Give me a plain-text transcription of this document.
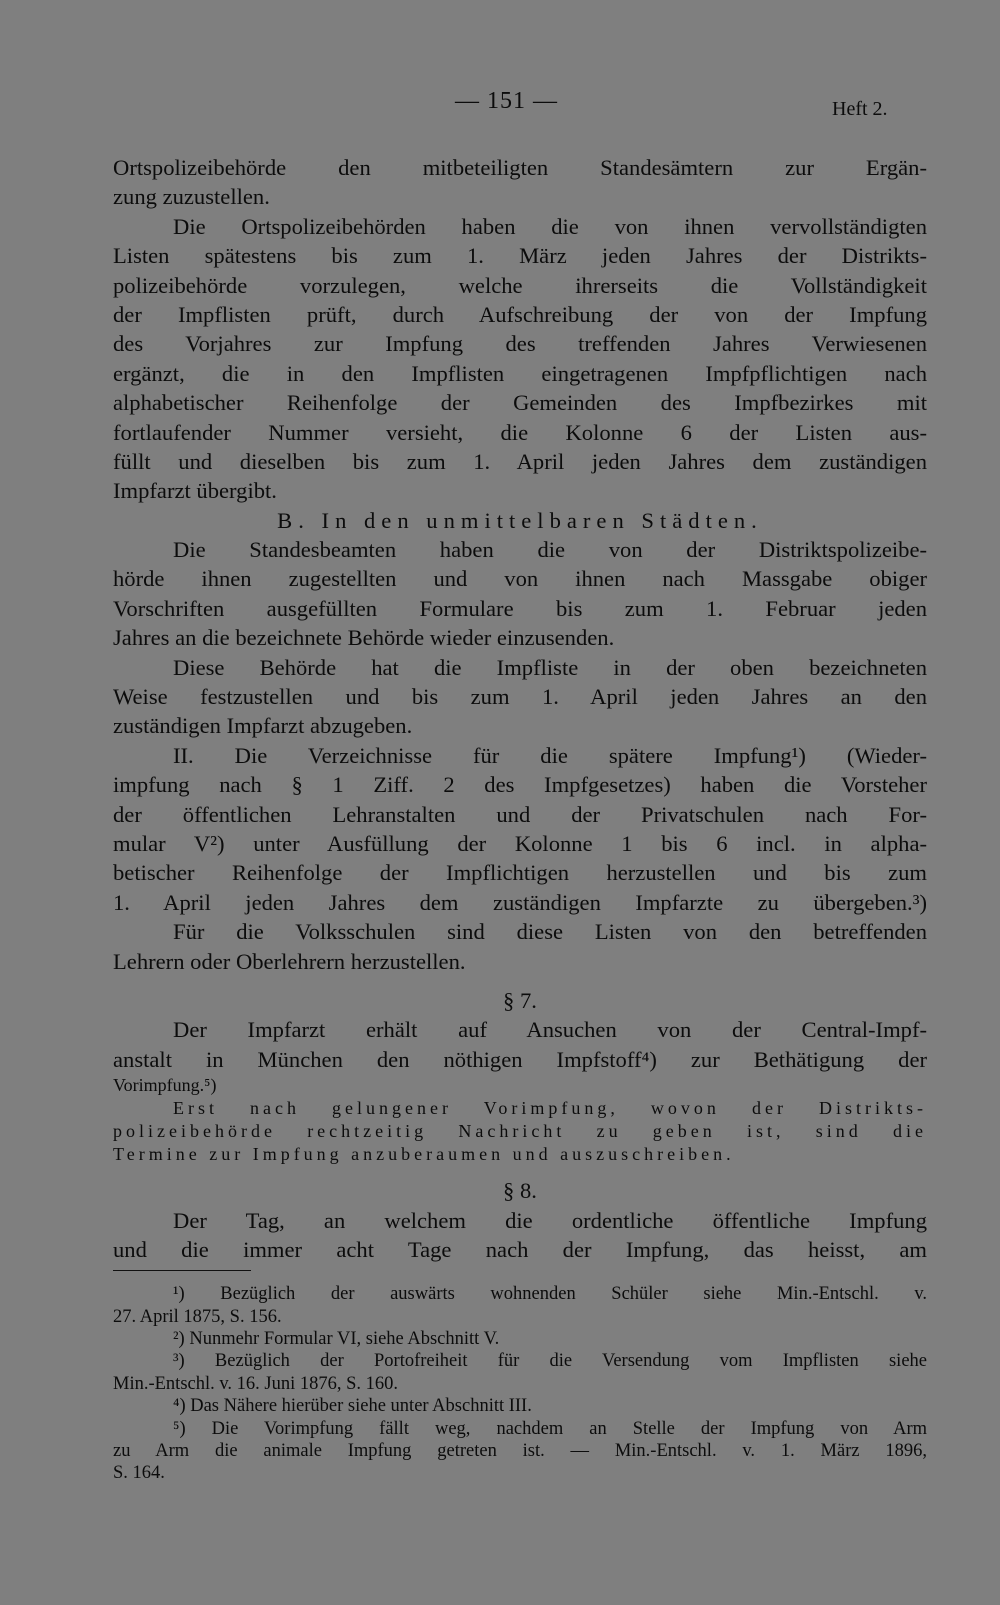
— 151 —	Heft 2.
Ortspolizeibehörde den mitbeteiligten Standesämtern zur Ergän-
zung zuzustellen.
Die Ortspolizeibehörden haben die von ihnen vervollständigten
Listen spätestens bis zum 1. März jeden Jahres der Distrikts-
polizeibehörde vorzulegen, welche ihrerseits die Vollständigkeit
der Impflisten prüft, durch Aufschreibung der von der Impfung
des Vorjahres zur Impfung des treffenden Jahres Verwiesenen
ergänzt, die in den Impflisten eingetragenen Impfpflichtigen nach
alphabetischer Reihenfolge der Gemeinden des Impfbezirkes mit
fortlaufender Nummer versieht, die Kolonne 6 der Listen aus-
füllt und dieselben bis zum 1. April jeden Jahres dem zuständigen
Impfarzt übergibt.
B. In den unmittelbaren Städten.
Die Standesbeamten haben die von der Distriktspolizeibe-
hörde ihnen zugestellten und von ihnen nach Massgabe obiger
Vorschriften ausgefüllten Formulare bis zum 1. Februar jeden
Jahres an die bezeichnete Behörde wieder einzusenden.
Diese Behörde hat die Impfliste in der oben bezeichneten
Weise festzustellen und bis zum 1. April jeden Jahres an den
zuständigen Impfarzt abzugeben.
II. Die Verzeichnisse für die spätere Impfung¹) (Wieder-
impfung nach § 1 Ziff. 2 des Impfgesetzes) haben die Vorsteher
der öffentlichen Lehranstalten und der Privatschulen nach For-
mular V²) unter Ausfüllung der Kolonne 1 bis 6 incl. in alpha-
betischer Reihenfolge der Impflichtigen herzustellen und bis zum
1. April jeden Jahres dem zuständigen Impfarzte zu übergeben.³)
Für die Volksschulen sind diese Listen von den betreffenden
Lehrern oder Oberlehrern herzustellen.
§ 7.
Der Impfarzt erhält auf Ansuchen von der Central-Impf-
anstalt in München den nöthigen Impfstoff⁴) zur Bethätigung der
Vorimpfung.⁵)
Erst nach gelungener Vorimpfung, wovon der Distrikts-
polizeibehörde rechtzeitig Nachricht zu geben ist, sind die
Termine zur Impfung anzuberaumen und auszuschreiben.
§ 8.
Der Tag, an welchem die ordentliche öffentliche Impfung
und die immer acht Tage nach der Impfung, das heisst, am
¹) Bezüglich der auswärts wohnenden Schüler siehe Min.-Entschl. v.
27. April 1875, S. 156.
²) Nunmehr Formular VI, siehe Abschnitt V.
³) Bezüglich der Portofreiheit für die Versendung vom Impflisten siehe
Min.-Entschl. v. 16. Juni 1876, S. 160.
⁴) Das Nähere hierüber siehe unter Abschnitt III.
⁵) Die Vorimpfung fällt weg, nachdem an Stelle der Impfung von Arm
zu Arm die animale Impfung getreten ist. — Min.-Entschl. v. 1. März 1896,
S. 164.
